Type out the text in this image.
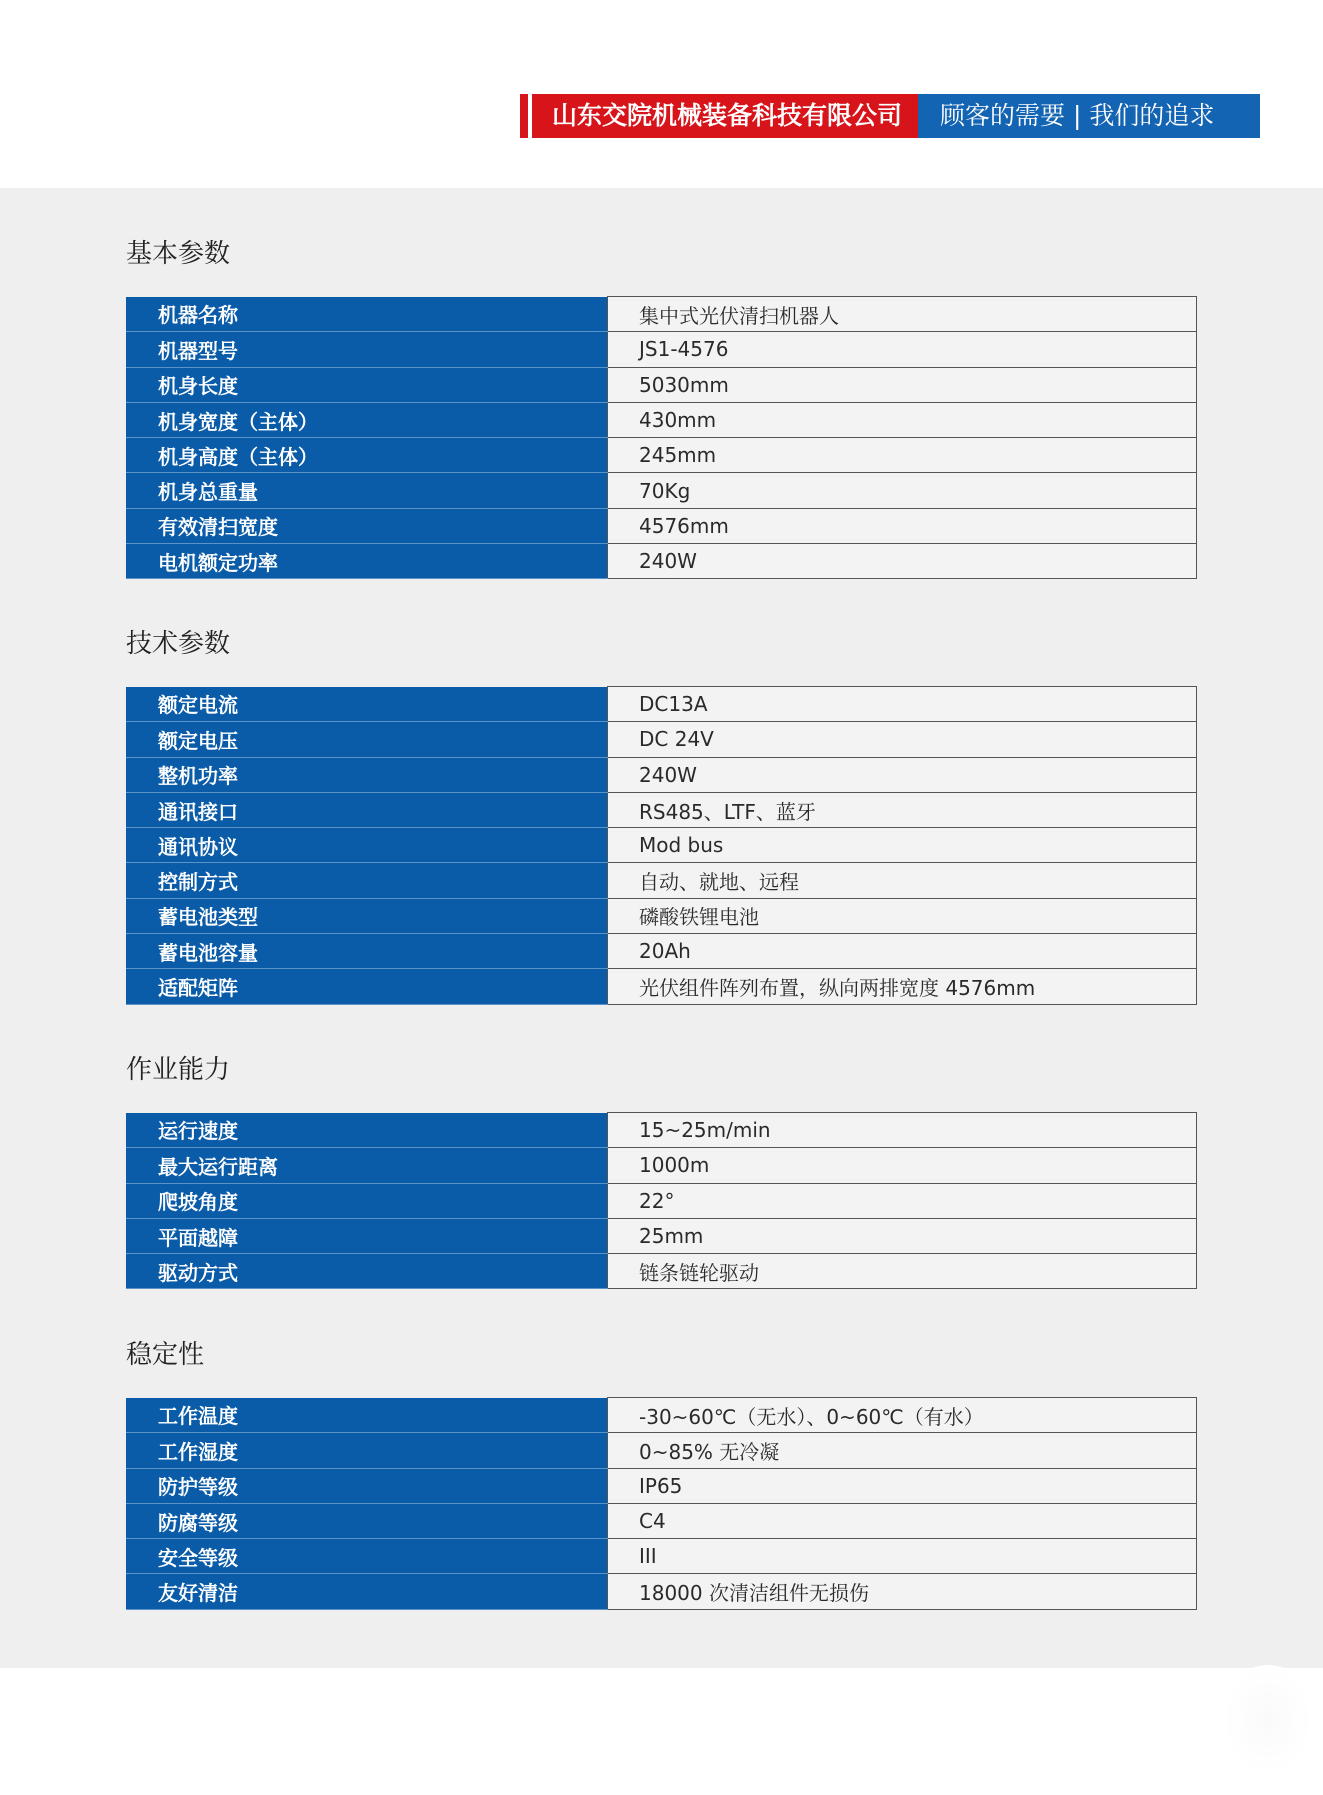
山东交院机械装备科技有限公司	顾客的需要 | 我们的追求
基本参数
机器名称	集中式光伏清扫机器人
机器型号	JS1-4576
机身长度	5030mm
机身宽度（主体）	430mm
机身高度（主体）	245mm
机身总重量	70Kg
有效清扫宽度	4576mm
电机额定功率	240W
技术参数
额定电流	DC13A
额定电压	DC 24V
整机功率	240W
通讯接口	RS485、LTF、蓝牙
通讯协议	Mod bus
控制方式	自动、就地、远程
蓄电池类型	磷酸铁锂电池
蓄电池容量	20Ah
适配矩阵	光伏组件阵列布置，纵向两排宽度 4576mm
作业能力
运行速度	15~25m/min
最大运行距离	1000m
爬坡角度	22°
平面越障	25mm
驱动方式	链条链轮驱动
稳定性
工作温度	-30~60℃（无水）、0~60℃（有水）
工作湿度	0~85% 无冷凝
防护等级	IP65
防腐等级	C4
安全等级	III
友好清洁	18000 次清洁组件无损伤
